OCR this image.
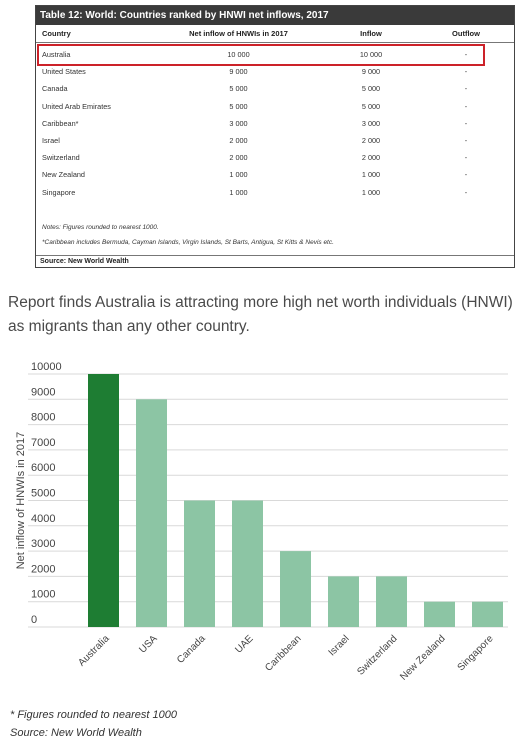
Table 12: World: Countries ranked by HNWI net inflows, 2017
Country	Net inflow of HNWIs in 2017	Inflow	Outflow
Australia	10 000	10 000	-
United States	9 000	9 000	-
Canada	5 000	5 000	-
United Arab Emirates	5 000	5 000	-
Caribbean*	3 000	3 000	-
Israel	2 000	2 000	-
Switzerland	2 000	2 000	-
New Zealand	1 000	1 000	-
Singapore	1 000	1 000	-
Notes: Figures rounded to nearest 1000.
*Caribbean includes Bermuda, Cayman Islands, Virgin Islands, St Barts, Antigua, St Kitts & Nevis etc.
Source: New World Wealth
Report finds Australia is attracting more high net worth individuals (HNWI) as migrants than any other country.
0
1000
2000
3000
4000
5000
6000
7000
8000
9000
10000
Net inflow of HNWIs in 2017
Australia	USA Canada	UAE Caribbean Israel Switzerland
New Zealand Singapore
* Figures rounded to nearest 1000
Source: New World Wealth
